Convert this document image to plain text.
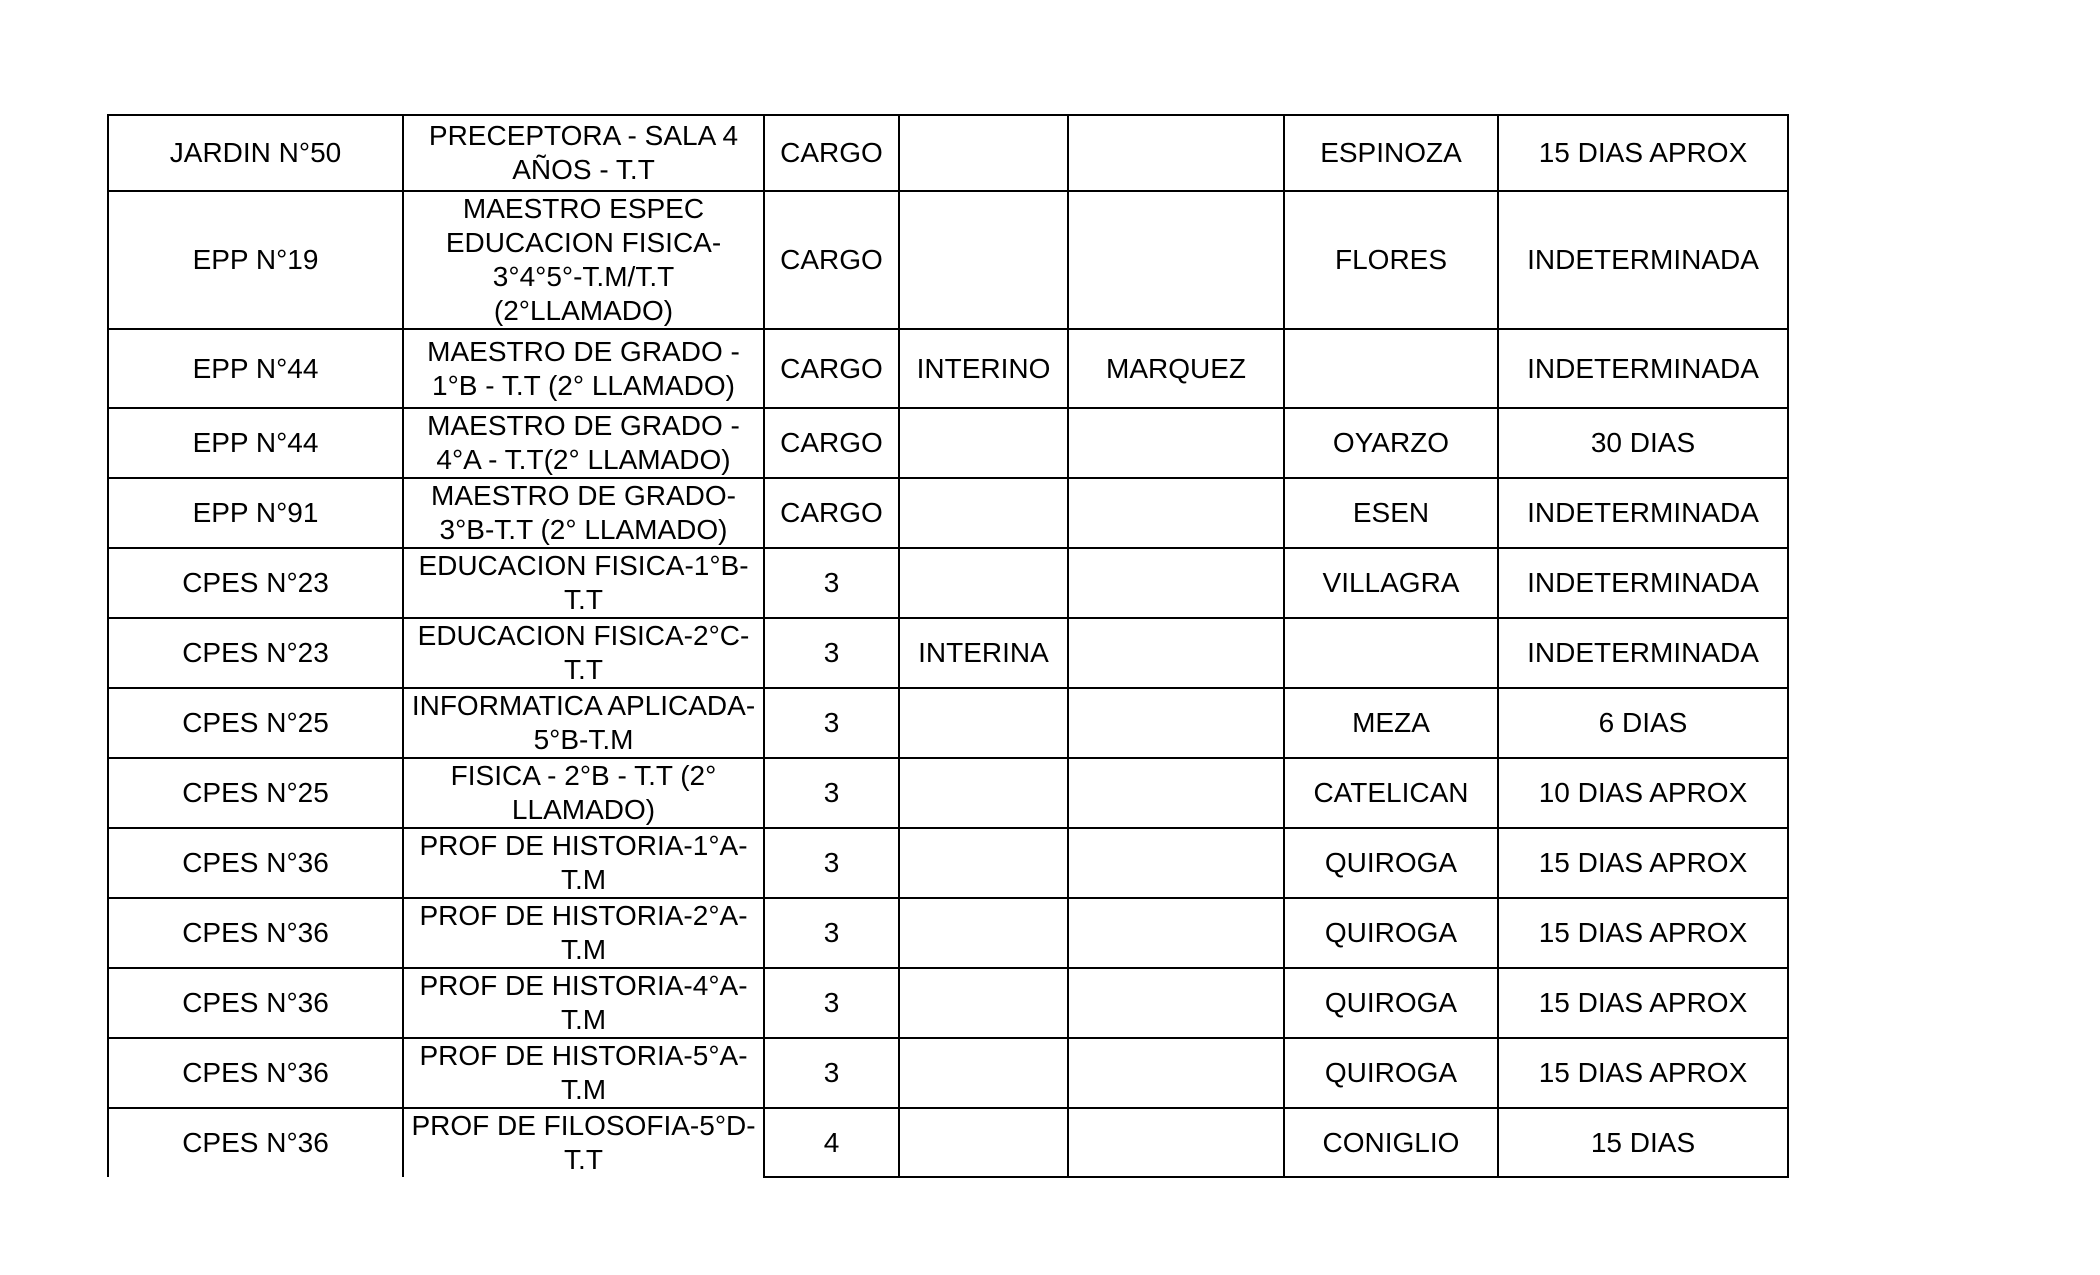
JARDIN N°50	PRECEPTORA - SALA 4 AÑOS - T.T	CARGO			ESPINOZA	15 DIAS APROX
EPP N°19	MAESTRO ESPEC EDUCACION FISICA-3°4°5°-T.M/T.T (2°LLAMADO)	CARGO			FLORES	INDETERMINADA
EPP N°44	MAESTRO DE GRADO - 1°B - T.T (2° LLAMADO)	CARGO	INTERINO	MARQUEZ		INDETERMINADA
EPP N°44	MAESTRO DE GRADO - 4°A - T.T(2° LLAMADO)	CARGO			OYARZO	30 DIAS
EPP N°91	MAESTRO DE GRADO-3°B-T.T (2° LLAMADO)	CARGO			ESEN	INDETERMINADA
CPES N°23	EDUCACION FISICA-1°B-T.T	3			VILLAGRA	INDETERMINADA
CPES N°23	EDUCACION FISICA-2°C-T.T	3	INTERINA			INDETERMINADA
CPES N°25	INFORMATICA APLICADA-5°B-T.M	3			MEZA	6 DIAS
CPES N°25	FISICA - 2°B - T.T (2° LLAMADO)	3			CATELICAN	10 DIAS APROX
CPES N°36	PROF DE HISTORIA-1°A-T.M	3			QUIROGA	15 DIAS APROX
CPES N°36	PROF DE HISTORIA-2°A-T.M	3			QUIROGA	15 DIAS APROX
CPES N°36	PROF DE HISTORIA-4°A-T.M	3			QUIROGA	15 DIAS APROX
CPES N°36	PROF DE HISTORIA-5°A-T.M	3			QUIROGA	15 DIAS APROX
CPES N°36	PROF DE FILOSOFIA-5°D-T.T	4			CONIGLIO	15 DIAS
